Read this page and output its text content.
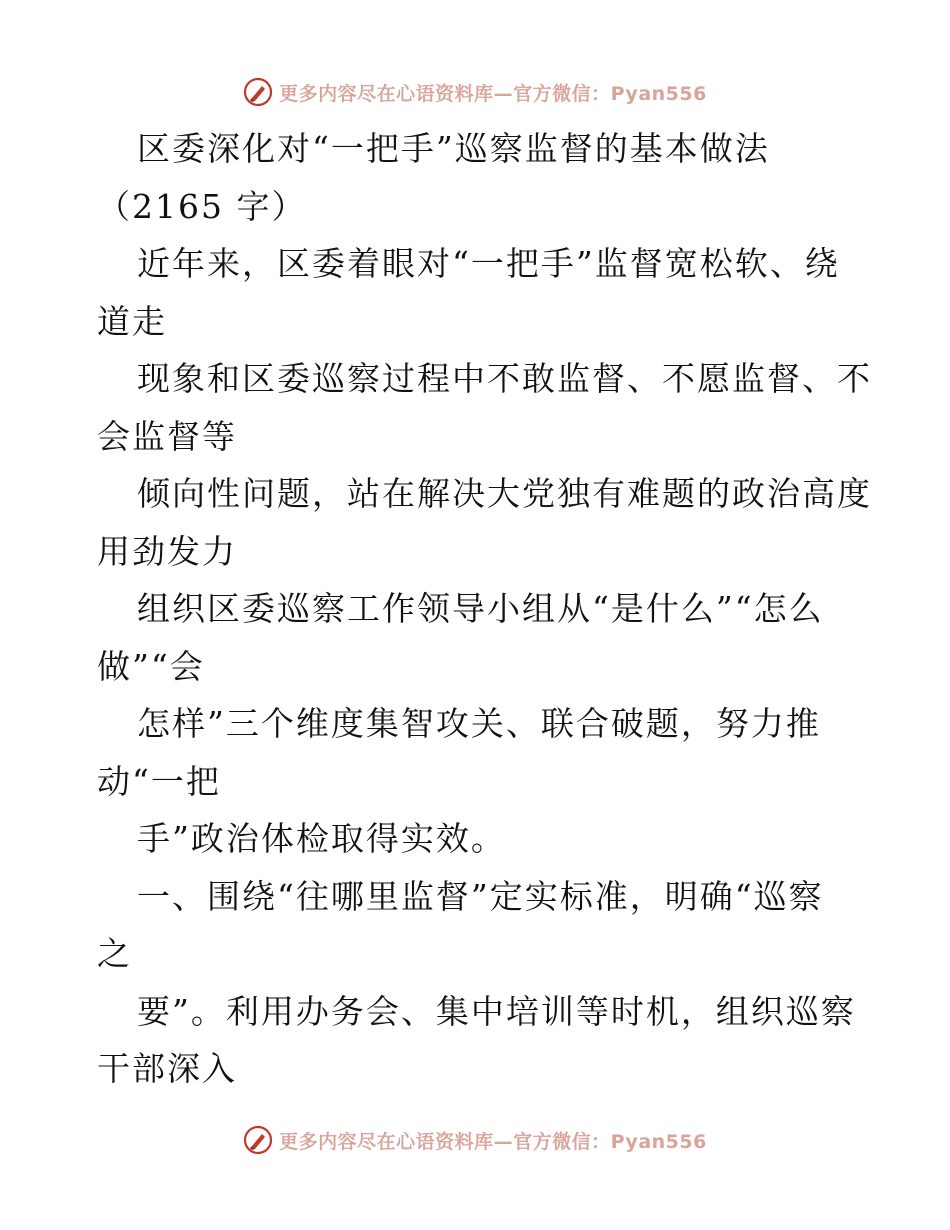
更多内容尽在心语资料库—官方微信：Pyan556
区委深化对“一把手”巡察监督的基本做法
（2165 字）
近年来，区委着眼对“一把手”监督宽松软、绕
道走
现象和区委巡察过程中不敢监督、不愿监督、不
会监督等
倾向性问题，站在解决大党独有难题的政治高度
用劲发力
组织区委巡察工作领导小组从“是什么”“怎么
做”“会
怎样”三个维度集智攻关、联合破题，努力推
动“一把
手”政治体检取得实效。
一、围绕“往哪里监督”定实标准，明确“巡察
之
要”。利用办务会、集中培训等时机，组织巡察
干部深入
更多内容尽在心语资料库—官方微信：Pyan556
